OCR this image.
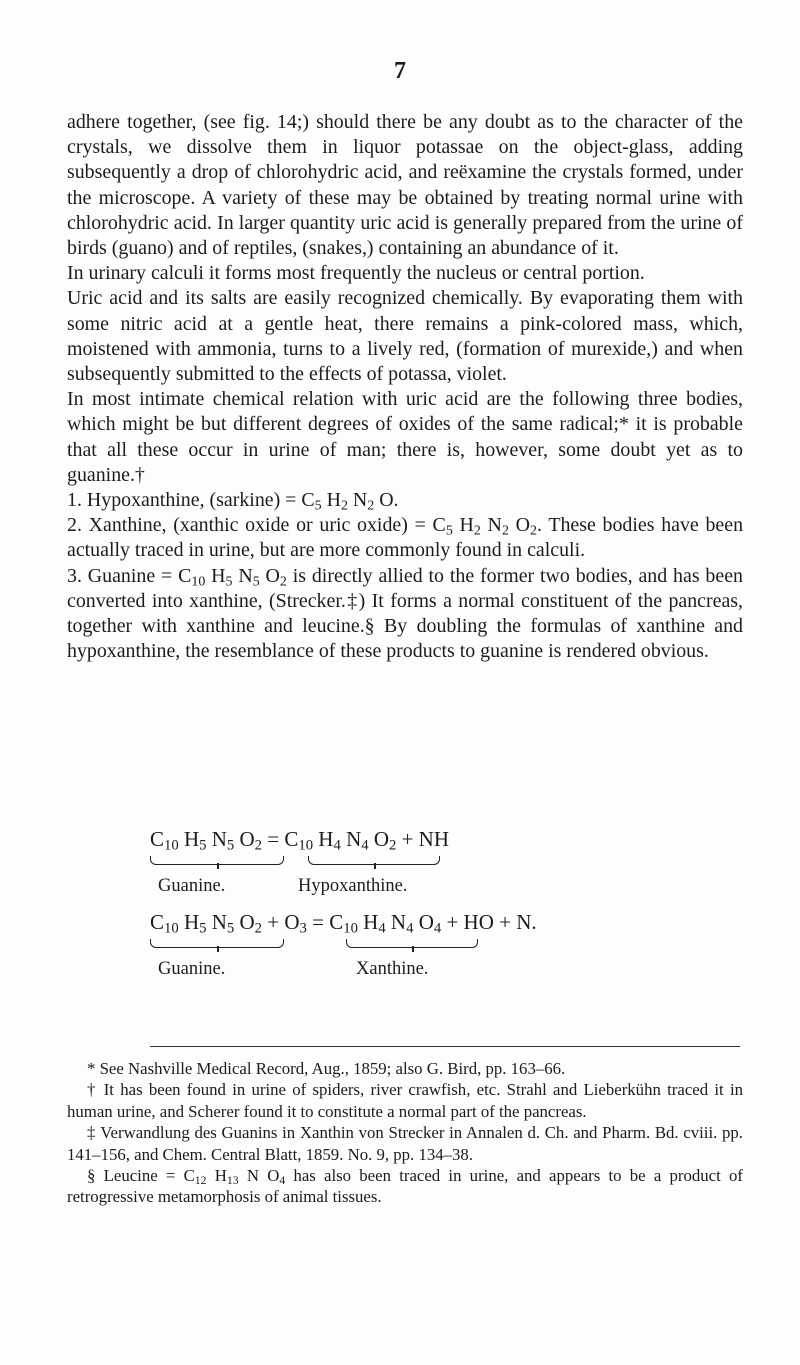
7

adhere together, (see fig. 14;) should there be any doubt as to the character of the crystals, we dissolve them in liquor potassae on the object-glass, adding subsequently a drop of chlorohydric acid, and reëxamine the crystals formed, under the microscope. A variety of these may be obtained by treating normal urine with chlorohydric acid. In larger quantity uric acid is generally prepared from the urine of birds (guano) and of reptiles, (snakes,) containing an abundance of it.

In urinary calculi it forms most frequently the nucleus or central portion.

Uric acid and its salts are easily recognized chemically. By evaporating them with some nitric acid at a gentle heat, there remains a pink-colored mass, which, moistened with ammonia, turns to a lively red, (formation of murexide,) and when subsequently submitted to the effects of potassa, violet.

In most intimate chemical relation with uric acid are the following three bodies, which might be but different degrees of oxides of the same radical;* it is probable that all these occur in urine of man; there is, however, some doubt yet as to guanine.†

1. Hypoxanthine, (sarkine) = $C_5$ $H_2$ $N_2$ O.

2. Xanthine, (xanthic oxide or uric oxide) = $C_5$ $H_2$ $N_2$ $O_2$. These bodies have been actually traced in urine, but are more commonly found in calculi.

3. Guanine = $C_{10}$ $H_5$ $N_5$ $O_2$ is directly allied to the former two bodies, and has been converted into xanthine, (Strecker.‡) It forms a normal constituent of the pancreas, together with xanthine and leucine.§ By doubling the formulas of xanthine and hypoxanthine, the resemblance of these products to guanine is rendered obvious.

$C_{10}$ $H_5$ $N_5$ $O_2 = C_{10}$ $H_4$ $N_4$ $O_2$ + NH
Guanine.	Hypoxanthine.
$C_{10}$ $H_5$ $N_5$ $O_2 + O_3 = C_{10}$ $H_4$ $N_4$ $O_4$ + HO + N.
Guanine.	Xanthine.

* See Nashville Medical Record, Aug., 1859; also G. Bird, pp. 163–66.

† It has been found in urine of spiders, river crawfish, etc. Strahl and Lieberkühn traced it in human urine, and Scherer found it to constitute a normal part of the pancreas.

‡ Verwandlung des Guanins in Xanthin von Strecker in Annalen d. Ch. and Pharm. Bd. cviii. pp. 141–156, and Chem. Central Blatt, 1859. No. 9, pp. 134–38.

§ Leucine = $C_{12}$ $H_{13}$ N $O_4$ has also been traced in urine, and appears to be a product of retrogressive metamorphosis of animal tissues.
